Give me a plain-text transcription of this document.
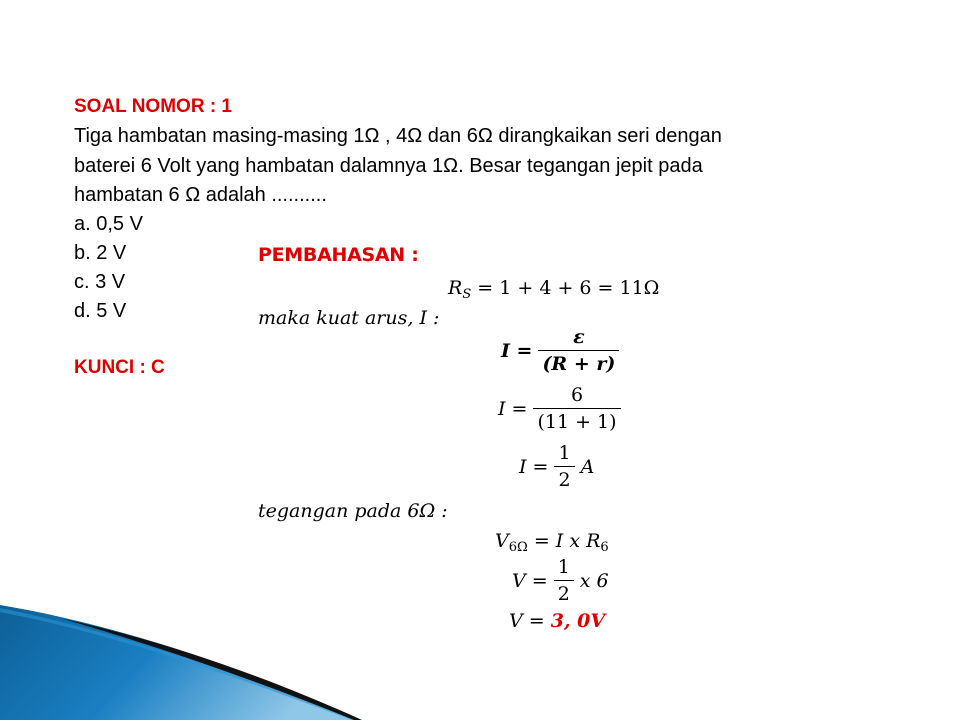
SOAL NOMOR : 1
Tiga hambatan masing-masing 1Ω , 4Ω dan 6Ω dirangkaikan seri dengan
baterei 6 Volt yang hambatan dalamnya 1Ω. Besar tegangan jepit pada
hambatan 6 Ω adalah ..........
a. 0,5 V
b. 2 V
c. 3 V
d. 5 V
KUNCI : C
PEMBAHASAN :
$R_S = 1 + 4 + 6 = 11\Omega$
maka kuat arus, I :
$I = \frac{\varepsilon}{(R + r)}$
$I = \frac{6}{(11 + 1)}$
$I = \frac{1}{2}$ A
tegangan pada 6Ω :
$V_{6\Omega} = I$ x $R_6$
$V = \frac{1}{2}$ x 6
V = 3, 0V
